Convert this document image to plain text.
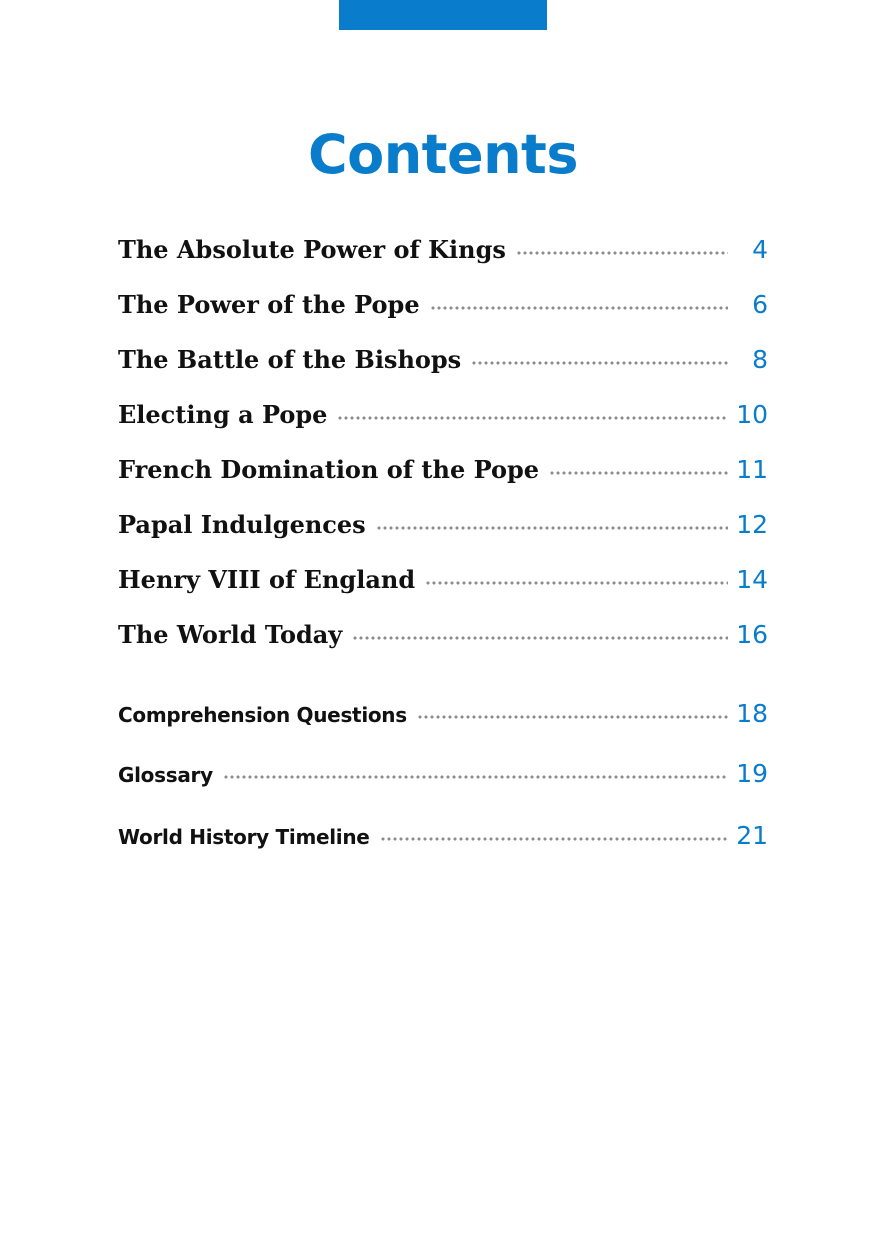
Contents
The Absolute Power of Kings	4
The Power of the Pope	6
The Battle of the Bishops	8
Electing a Pope	10
French Domination of the Pope	11
Papal Indulgences	12
Henry VIII of England	14
The World Today	16
Comprehension Questions	18
Glossary	19
World History Timeline	21
